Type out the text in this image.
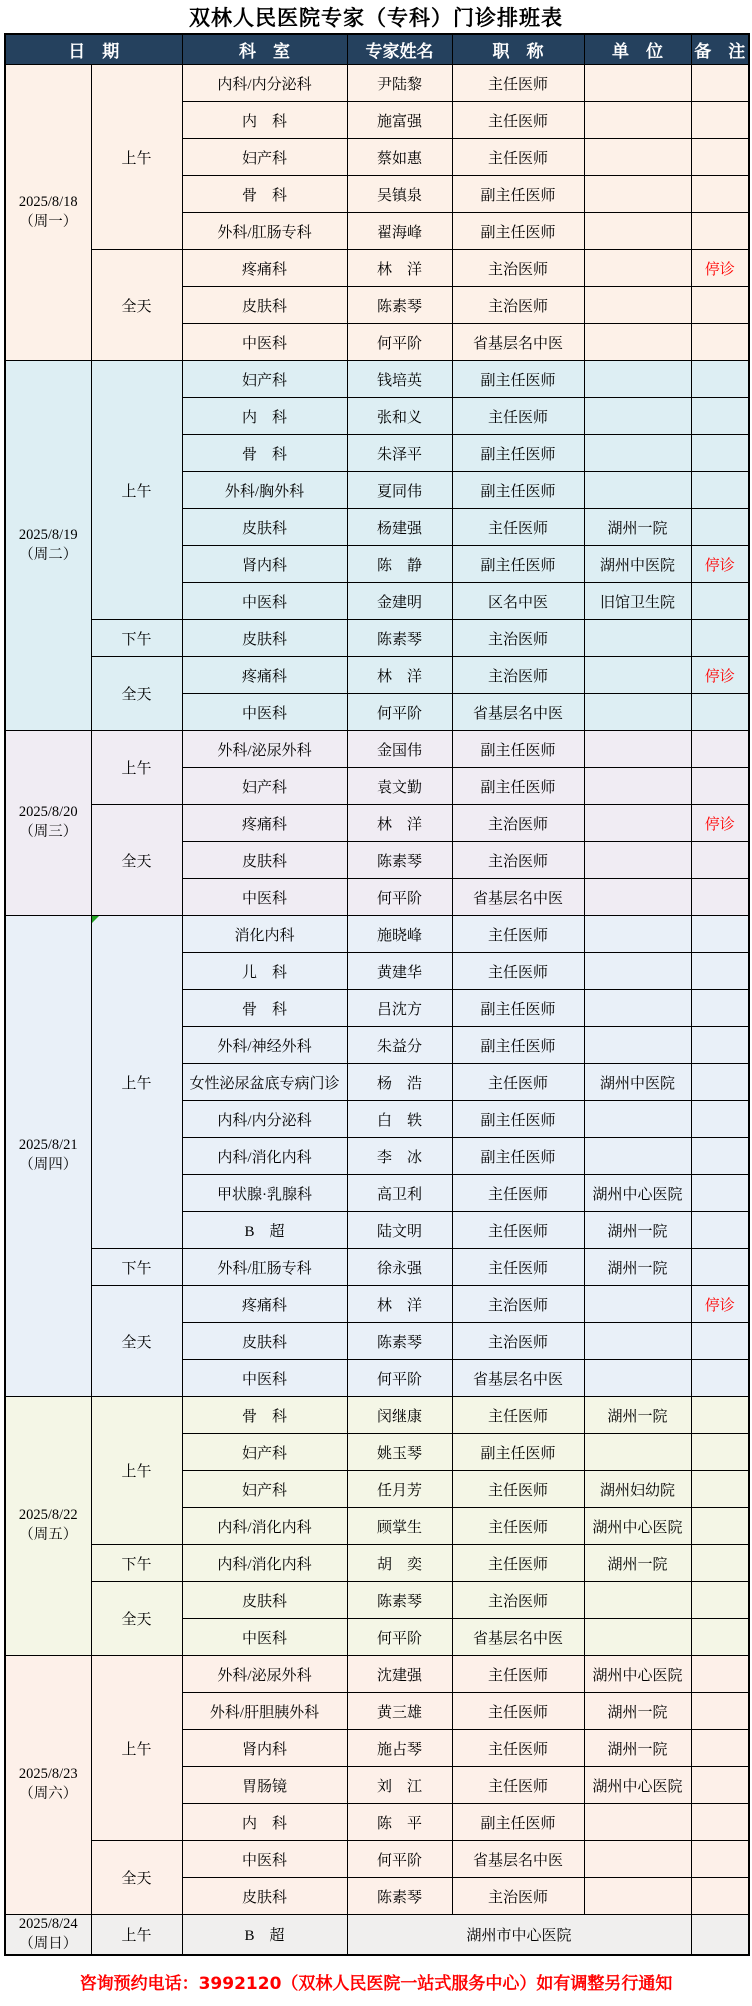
双林人民医院专家（专科）门诊排班表
日　期		科　室	专家姓名	职　称	单　位	备　注

2025/8/18
（周一）	上午	内科/内分泌科	尹陆黎	主任医师		
		内　科	施富强	主任医师		
		妇产科	蔡如惠	主任医师		
		骨　科	吴镇泉	副主任医师		
		外科/肛肠专科	翟海峰	副主任医师		
	全天	疼痛科	林　洋	主治医师		停诊
		皮肤科	陈素琴	主治医师		
		中医科	何平阶	省基层名中医		

2025/8/19
（周二）	上午	妇产科	钱培英	副主任医师		
		内　科	张和义	主任医师		
		骨　科	朱泽平	副主任医师		
		外科/胸外科	夏同伟	副主任医师		
		皮肤科	杨建强	主任医师	湖州一院	
		肾内科	陈　静	副主任医师	湖州中医院	停诊
		中医科	金建明	区名中医	旧馆卫生院	
	下午	皮肤科	陈素琴	主治医师		
	全天	疼痛科	林　洋	主治医师		停诊
		中医科	何平阶	省基层名中医		

2025/8/20
（周三）	上午	外科/泌尿外科	金国伟	副主任医师		
		妇产科	袁文勤	副主任医师		
	全天	疼痛科	林　洋	主治医师		停诊
		皮肤科	陈素琴	主治医师		
		中医科	何平阶	省基层名中医		

2025/8/21
（周四）	上午	消化内科	施晓峰	主任医师		
		儿　科	黄建华	主任医师		
		骨　科	吕沈方	副主任医师		
		外科/神经外科	朱益分	副主任医师		
		女性泌尿盆底专病门诊	杨　浩	主任医师	湖州中医院	
		内科/内分泌科	白　轶	副主任医师		
		内科/消化内科	李　冰	副主任医师		
		甲状腺·乳腺科	高卫利	主任医师	湖州中心医院	
		B　超	陆文明	主任医师	湖州一院	
	下午	外科/肛肠专科	徐永强	主任医师	湖州一院	
	全天	疼痛科	林　洋	主治医师		停诊
		皮肤科	陈素琴	主治医师		
		中医科	何平阶	省基层名中医		

2025/8/22
（周五）	上午	骨　科	闵继康	主任医师	湖州一院	
		妇产科	姚玉琴	副主任医师		
		妇产科	任月芳	主任医师	湖州妇幼院	
		内科/消化内科	顾掌生	主任医师	湖州中心医院	
	下午	内科/消化内科	胡　奕	主任医师	湖州一院	
	全天	皮肤科	陈素琴	主治医师		
		中医科	何平阶	省基层名中医		

2025/8/23
（周六）	上午	外科/泌尿外科	沈建强	主任医师	湖州中心医院	
		外科/肝胆胰外科	黄三雄	主任医师	湖州一院	
		肾内科	施占琴	主任医师	湖州一院	
		胃肠镜	刘　江	主任医师	湖州中心医院	
		内　科	陈　平	副主任医师		
	全天	中医科	何平阶	省基层名中医		
		皮肤科	陈素琴	主治医师		

2025/8/24
（周日）	上午	B　超	湖州市中心医院			
咨询预约电话：3992120（双林人民医院一站式服务中心）如有调整另行通知
